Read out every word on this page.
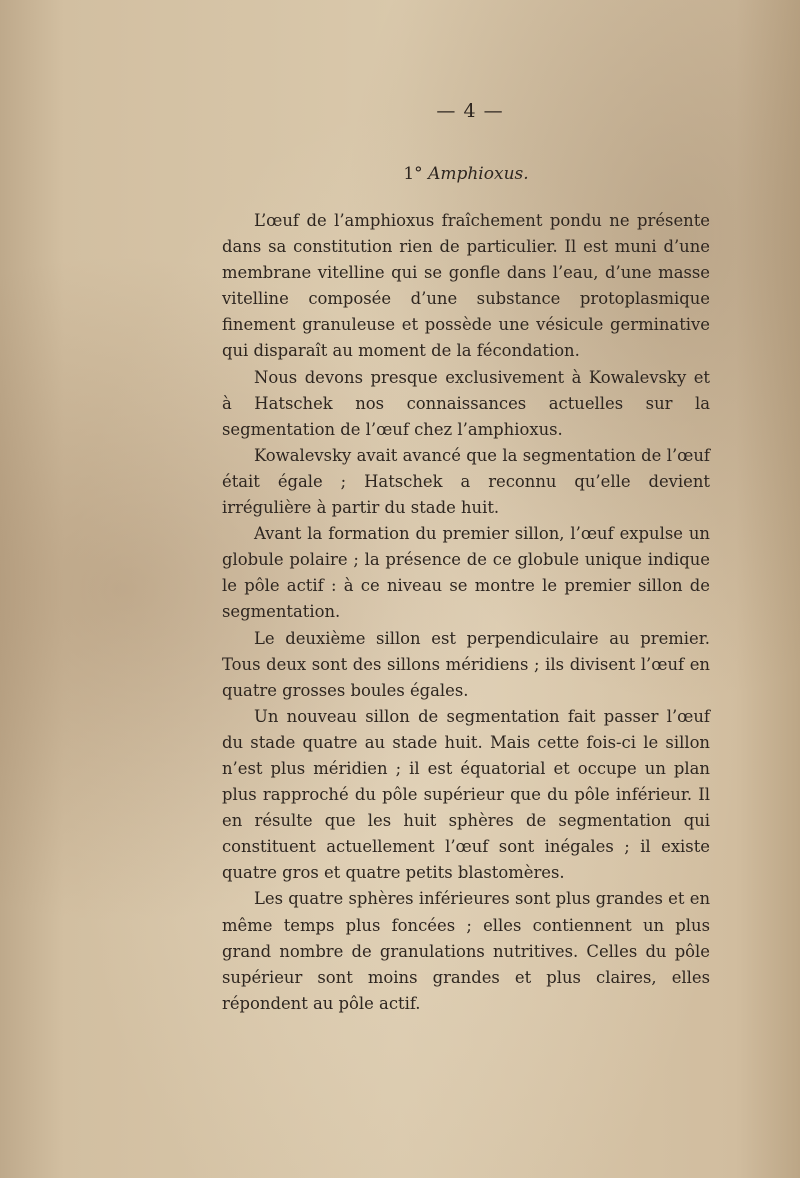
— 4 —
1° Amphioxus.

L’œuf de l’amphioxus fraîchement pondu ne présente dans sa constitution rien de particulier. Il est muni d’une membrane vitelline qui se gonfle dans l’eau, d’une masse vitelline composée d’une substance protoplasmique finement granuleuse et possède une vésicule germinative qui disparaît au moment de la fécondation.

Nous devons presque exclusivement à Kowalevsky et à Hatschek nos connaissances actuelles sur la segmentation de l’œuf chez l’amphioxus.

Kowalevsky avait avancé que la segmentation de l’œuf était égale ; Hatschek a reconnu qu’elle devient irrégulière à partir du stade huit.

Avant la formation du premier sillon, l’œuf expulse un globule polaire ; la présence de ce globule unique indique le pôle actif : à ce niveau se montre le premier sillon de segmentation.

Le deuxième sillon est perpendiculaire au premier. Tous deux sont des sillons méridiens ; ils divisent l’œuf en quatre grosses boules égales.

Un nouveau sillon de segmentation fait passer l’œuf du stade quatre au stade huit. Mais cette fois-ci le sillon n’est plus méridien ; il est équatorial et occupe un plan plus rapproché du pôle supérieur que du pôle inférieur. Il en résulte que les huit sphères de segmentation qui constituent actuellement l’œuf sont inégales ; il existe quatre gros et quatre petits blastomères.

Les quatre sphères inférieures sont plus grandes et en même temps plus foncées ; elles contiennent un plus grand nombre de granulations nutritives. Celles du pôle supérieur sont moins grandes et plus claires, elles répondent au pôle actif.
